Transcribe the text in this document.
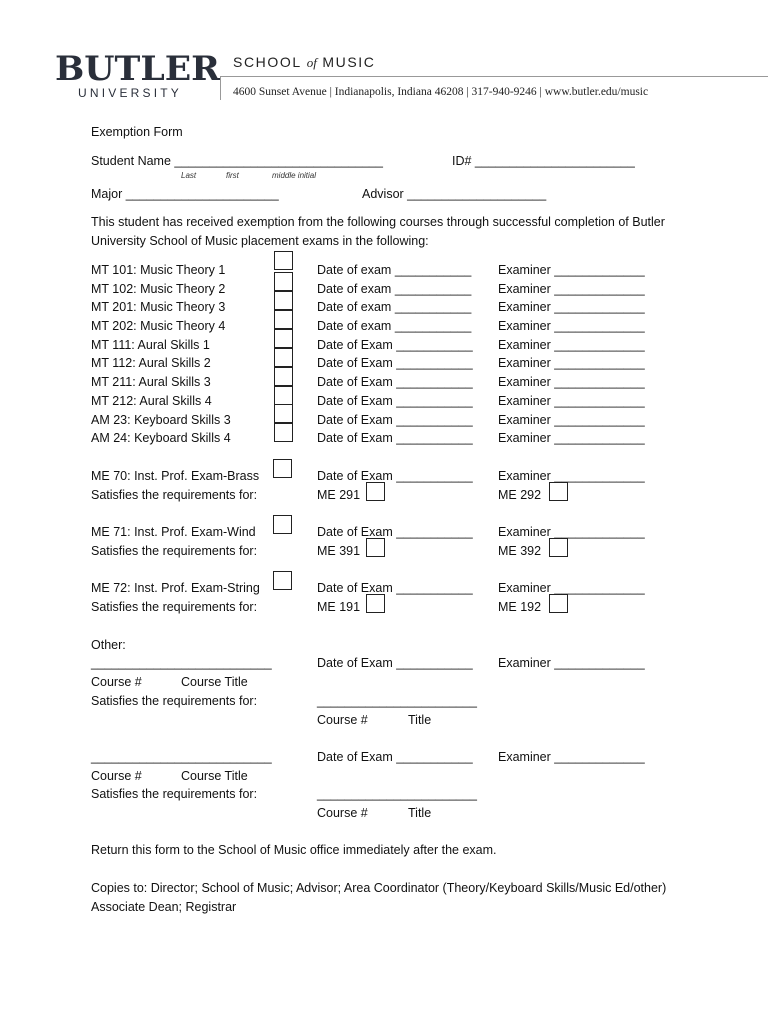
BUTLER
UNIVERSITY
SCHOOL of MUSIC
4600 Sunset Avenue | Indianapolis, Indiana 46208 | 317-940-9246 | www.butler.edu/music
Exemption Form
Student Name ______________________________	ID# _______________________
Last	first	middle initial
Major ______________________	Advisor ____________________
This student has received exemption from the following courses through successful completion of Butler
University School of Music placement exams in the following:
MT 101: Music Theory 1	Date of exam ___________ Examiner _____________
MT 102: Music Theory 2	Date of exam ___________ Examiner _____________
MT 201: Music Theory 3	Date of exam ___________ Examiner _____________
MT 202: Music Theory 4	Date of exam ___________ Examiner _____________
MT 111: Aural Skills 1	Date of Exam ___________ Examiner _____________
MT 112: Aural Skills 2	Date of Exam ___________ Examiner _____________
MT 211: Aural Skills 3	Date of Exam ___________ Examiner _____________
MT 212: Aural Skills 4	Date of Exam ___________ Examiner _____________
AM 23: Keyboard Skills 3	Date of Exam ___________ Examiner _____________
AM 24: Keyboard Skills 4	Date of Exam ___________ Examiner _____________
ME 70: Inst. Prof. Exam-Brass
Satisfies the requirements for:
Date of Exam ___________ Examiner _____________
ME 291	ME 292
ME 71: Inst. Prof. Exam-Wind
Satisfies the requirements for:
Date of Exam ___________ Examiner _____________
ME 391	ME 392
ME 72: Inst. Prof. Exam-String
Satisfies the requirements for:
Date of Exam ___________ Examiner _____________
ME 191	ME 192
Other:
__________________________	Date of Exam ___________ Examiner _____________
Course #	Course Title
Satisfies the requirements for:	_______________________
Course #	Title
__________________________	Date of Exam ___________ Examiner _____________
Course #	Course Title
Satisfies the requirements for:	_______________________
Course #	Title
Return this form to the School of Music office immediately after the exam.
Copies to: Director; School of Music; Advisor; Area Coordinator (Theory/Keyboard Skills/Music Ed/other)
Associate Dean; Registrar
